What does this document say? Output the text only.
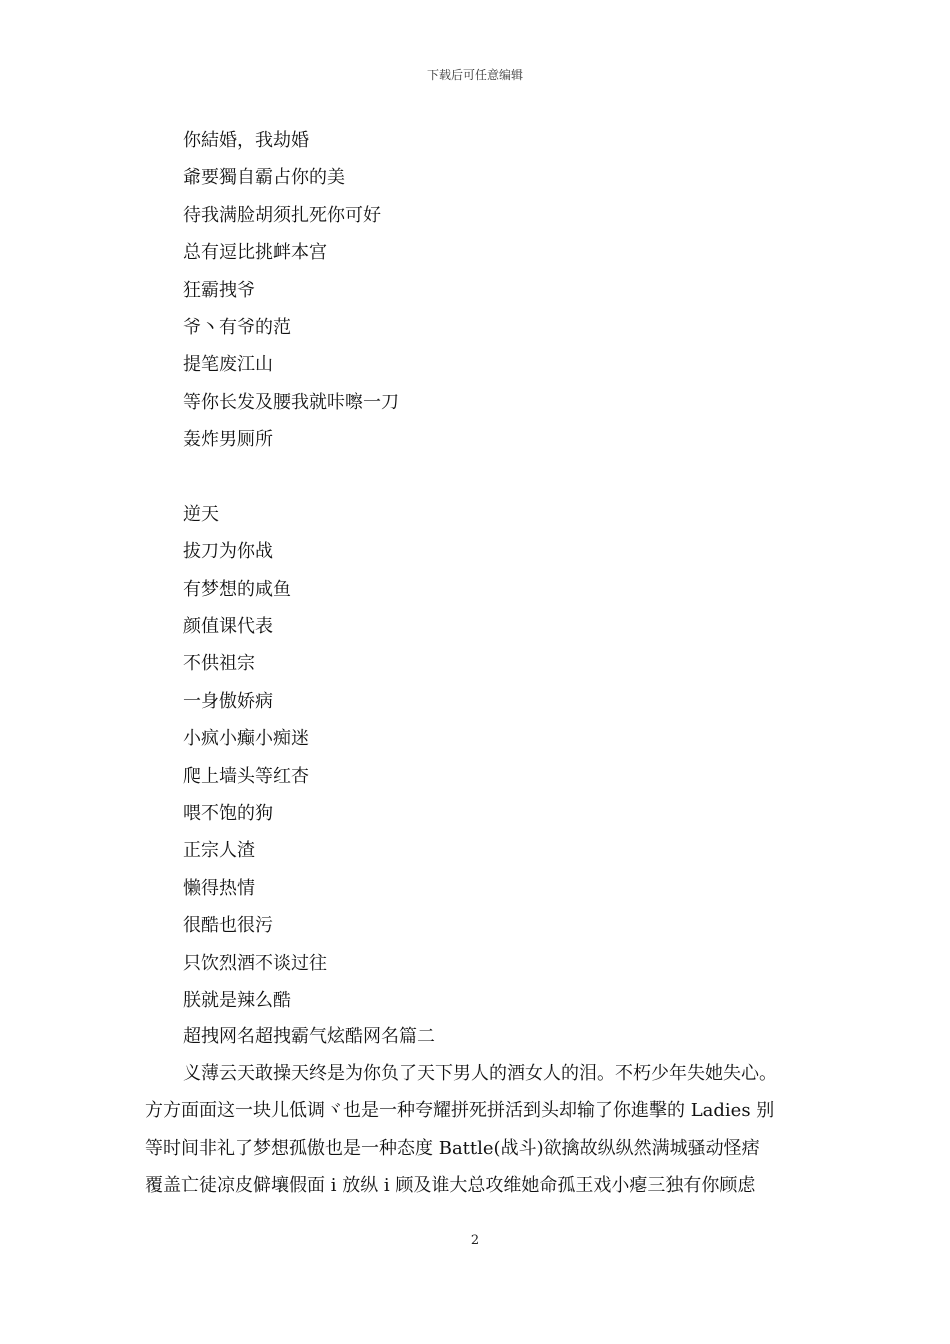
下载后可任意编辑
你結婚，我劫婚
爺要獨自霸占你的美
待我满脸胡须扎死你可好
总有逗比挑衅本宫
狂霸拽爷
爷丶有爷的范
提笔废江山
等你长发及腰我就咔嚓一刀
轰炸男厕所
逆天
拔刀为你战
有梦想的咸鱼
颜值课代表
不供祖宗
一身傲娇病
小疯小癫小痴迷
爬上墙头等红杏
喂不饱的狗
正宗人渣
懒得热情
很酷也很污
只饮烈酒不谈过往
朕就是辣么酷
超拽网名超拽霸气炫酷网名篇二

义薄云天敢操天终是为你负了天下男人的酒女人的泪。不朽少年失她失心。
方方面面这一块儿低调ヾ也是一种夸耀拼死拼活到头却输了你進擊的 Ladies 别
等时间非礼了梦想孤傲也是一种态度 Battle(战斗)欲擒故纵纵然满城骚动怪痞
覆盖亡徒凉皮僻壤假面 i 放纵 i 顾及谁大总攻维她命孤王戏小瘪三独有你顾虑

2
